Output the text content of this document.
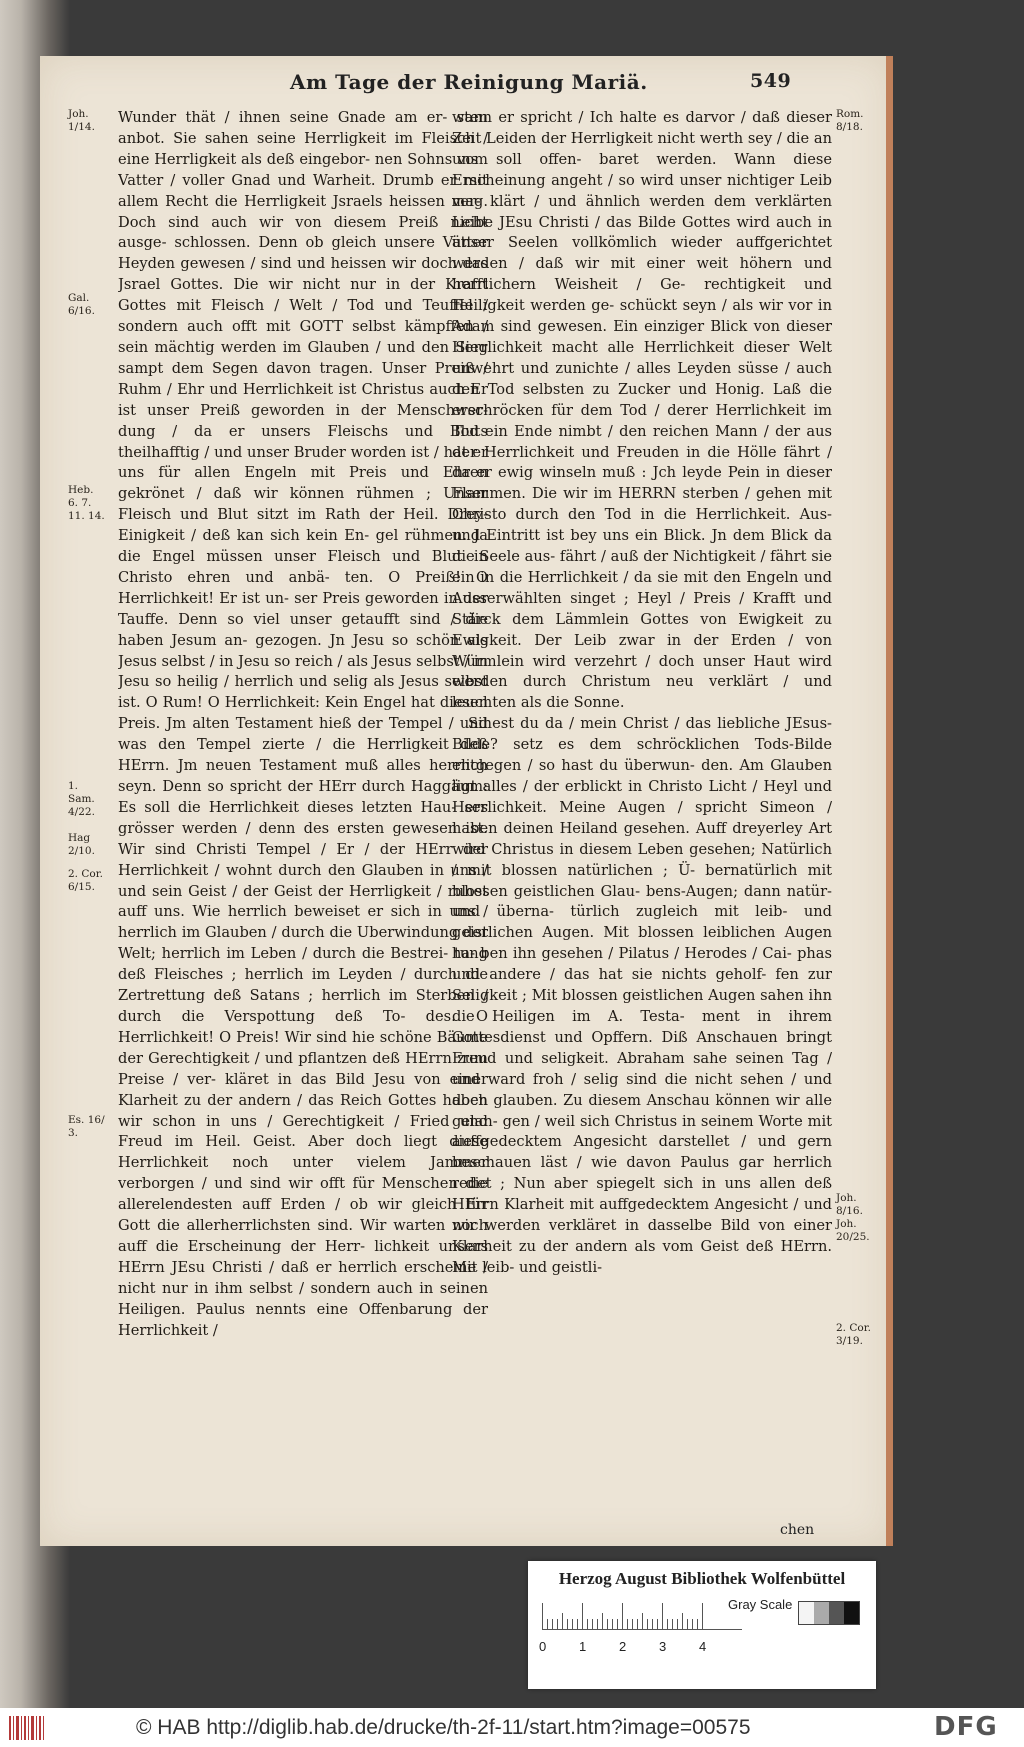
Am Tage der Reinigung Mariä.	549

Wunder thät / ihnen seine Gnade am er- sten anbot. Sie sahen seine Herrligkeit im Fleisch / eine Herrligkeit als deß eingebor- nen Sohns vom Vatter / voller Gnad und Warheit. Drumb er mit allem Recht die Herrligkeit Jsraels heissen mag. Doch sind auch wir von diesem Preiß nicht ausge- schlossen. Denn ob gleich unsere Vätter Heyden gewesen / sind und heissen wir doch das Jsrael Gottes. Die wir nicht nur in der Krafft Gottes mit Fleisch / Welt / Tod und Teuffel / sondern auch offt mit GOTT selbst kämpffen / sein mächtig werden im Glauben / und den Sieg sampt dem Segen davon tragen. Unser Preiß / Ruhm / Ehr und Herrlichkeit ist Christus auch Er ist unser Preiß geworden in der Menschwer- dung / da er unsers Fleischs und Bluts theilhafftig / und unser Bruder worden ist / hat er uns für allen Engeln mit Preis und Ehren gekrönet / daß wir können rühmen ; Unser Fleisch und Blut sitzt im Rath der Heil. Drey-Einigkeit / deß kan sich kein En- gel rühmen. Ja die Engel müssen unser Fleisch und Blut in Christo ehren und anbä- ten. O Preiß! O Herrlichkeit! Er ist un- ser Preis geworden in der Tauffe. Denn so viel unser getaufft sind / die haben Jesum an- gezogen. Jn Jesu so schön als Jesus selbst / in Jesu so reich / als Jesus selbst / in Jesu so heilig / herrlich und selig als Jesus selbst ist. O Rum! O Herrlichkeit: Kein Engel hat diesen Preis. Jm alten Testament hieß der Tempel / und was den Tempel zierte / die Herrligkeit deß HErrn. Jm neuen Testament muß alles herrlich seyn. Denn so spricht der HErr durch Haggäum: Es soll die Herrlichkeit dieses letzten Hau- ses grösser werden / denn des ersten gewesen ist. Wir sind Christi Tempel / Er / der HErr der Herrlichkeit / wohnt durch den Glauben in uns / und sein Geist / der Geist der Herrligkeit / ruhet auff uns. Wie herrlich beweiset er sich in uns / herrlich im Glauben / durch die Uberwindung der Welt; herrlich im Leben / durch die Bestrei- tung deß Fleisches ; herrlich im Leyden / durch die Zertrettung deß Satans ; herrlich im Sterben / durch die Verspottung deß To- des. O Herrlichkeit! O Preis! Wir sind hie schöne Bäume der Gerechtigkeit / und pflantzen deß HErrn zum Preise / ver- kläret in das Bild Jesu von einer Klarheit zu der andern / das Reich Gottes haben wir schon in uns / Gerechtigkeit / Fried und Freud im Heil. Geist. Aber doch liegt diese Herrlichkeit noch unter vielem Jammer verborgen / und sind wir offt für Menschen die allerelendesten auff Erden / ob wir gleich für Gott die allerherrlichsten sind. Wir warten noch auff die Erscheinung der Herr- lichkeit unsers HErrn JEsu Christi / daß er herrlich erscheine / nicht nur in ihm selbst / sondern auch in seinen Heiligen. Paulus nennts eine Offenbarung der Herrlichkeit /

wann er spricht / Ich halte es darvor / daß dieser Zeit Leiden der Herrligkeit nicht werth sey / die an uns soll offen- baret werden. Wann diese Erscheinung angeht / so wird unser nichtiger Leib ver- klärt / und ähnlich werden dem verklärten Leibe JEsu Christi / das Bilde Gottes wird auch in unser Seelen vollkömlich wieder auffgerichtet werden / daß wir mit einer weit höhern und herrlichern Weisheit / Ge- rechtigkeit und Heiligkeit werden ge- schückt seyn / als wir vor in Adam sind gewesen. Ein einziger Blick von dieser Herrlichkeit macht alle Herrlichkeit dieser Welt unwehrt und zunichte / alles Leyden süsse / auch den Tod selbsten zu Zucker und Honig. Laß die erschröcken für dem Tod / derer Herrlichkeit im Tod ein Ende nimbt / den reichen Mann / der aus der Herrlichkeit und Freuden in die Hölle fährt / da er ewig winseln muß : Jch leyde Pein in dieser Flammen. Die wir im HERRN sterben / gehen mit Christo durch den Tod in die Herrlichkeit. Aus- und Eintritt ist bey uns ein Blick. Jn dem Blick da die Seele aus- fährt / auß der Nichtigkeit / fährt sie ein in die Herrlichkeit / da sie mit den Engeln und Ausserwählten singet ; Heyl / Preis / Krafft und Stärck dem Lämmlein Gottes von Ewigkeit zu Ewigkeit. Der Leib zwar in der Erden / von Würmlein wird verzehrt / doch unser Haut wird werden durch Christum neu verklärt / und leuchten als die Sonne.

Sihest du da / mein Christ / das liebliche JEsus-Bilde? setz es dem schröcklichen Tods-Bilde entgegen / so hast du überwun- den. Am Glauben ligt alles / der erblickt in Christo Licht / Heyl und Herrlichkeit. Meine Augen / spricht Simeon / haben deinen Heiland gesehen. Auff dreyerley Art wird Christus in diesem Leben gesehen; Natürlich / mit blossen natürlichen ; Ü- bernatürlich mit blossen geistlichen Glau- bens-Augen; dann natür- und überna- türlich zugleich mit leib- und geistlichen Augen. Mit blossen leiblichen Augen ha- ben ihn gesehen / Pilatus / Herodes / Cai- phas und andere / das hat sie nichts geholf- fen zur Seligkeit ; Mit blossen geistlichen Augen sahen ihn die Heiligen im A. Testa- ment in ihrem Gottesdienst und Opffern. Diß Anschauen bringt Freud und seligkeit. Abraham sahe seinen Tag / und ward froh / selig sind die nicht sehen / und doch glauben. Zu diesem Anschau können wir alle gelan- gen / weil sich Christus in seinem Worte mit auffgedecktem Angesicht darstellet / und gern beschauen läst / wie davon Paulus gar herrlich redet ; Nun aber spiegelt sich in uns allen deß HErrn Klarheit mit auffgedecktem Angesicht / und wir werden verkläret in dasselbe Bild von einer Klarheit zu der andern als vom Geist deß HErrn. Mit leib- und geistli-

Joh.
1/14.
Gal.
6/16.
Heb.
6. 7.
11. 14.
1.
Sam.
4/22.
Hag
2/10.
2. Cor.
6/15.
Es. 16/
3.
Rom.
8/18.
Joh.
8/16.
Joh.
20/25.
2. Cor.
3/19.
chen
Herzog August Bibliothek Wolfenbüttel
0	1	2	3	4
Gray Scale
© HAB http://diglib.hab.de/drucke/th-2f-11/start.htm?image=00575	DFG
